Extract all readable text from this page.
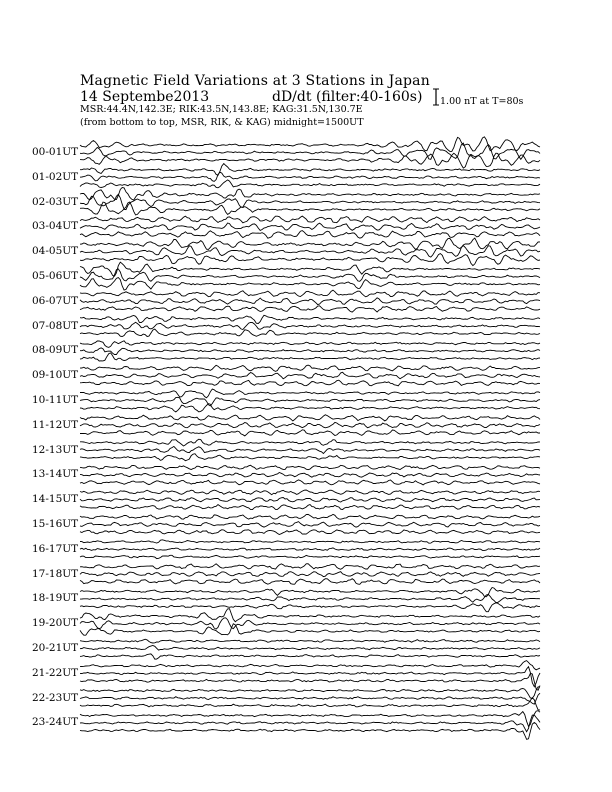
Magnetic Field Variations at 3 Stations in Japan
14 Septembe2013	dD/dt (filter:40-160s)
MSR:44.4N,142.3E; RIK:43.5N,143.8E; KAG:31.5N,130.7E
(from bottom to top, MSR, RIK, & KAG) midnight=1500UT
1.00 nT at T=80s
00-01UT
01-02UT
02-03UT
03-04UT
04-05UT
05-06UT
06-07UT
07-08UT
08-09UT
09-10UT
10-11UT
11-12UT
12-13UT
13-14UT
14-15UT
15-16UT
16-17UT
17-18UT
18-19UT
19-20UT
20-21UT
21-22UT
22-23UT
23-24UT
